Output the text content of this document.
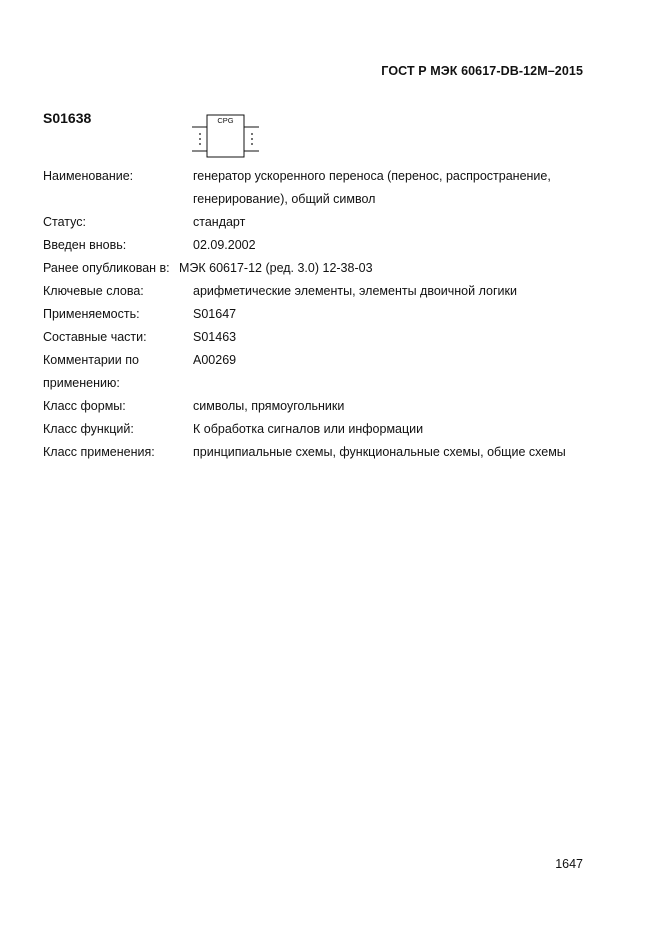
ГОСТ Р МЭК 60617-DB-12M–2015
S01638	CPG
Наименование:	генератор ускоренного переноса (перенос, распространение,
генерирование), общий символ
Статус:	стандарт
Введен вновь:	02.09.2002
Ранее опубликован в: МЭК 60617-12 (ред. 3.0) 12-38-03
Ключевые слова:	арифметические элементы, элементы двоичной логики
Применяемость:	S01647
Составные части:	S01463
Комментарии по	A00269
применению:
Класс формы:	символы, прямоугольники
Класс функций:	К обработка сигналов или информации
Класс применения:	принципиальные схемы, функциональные схемы, общие схемы
1647
